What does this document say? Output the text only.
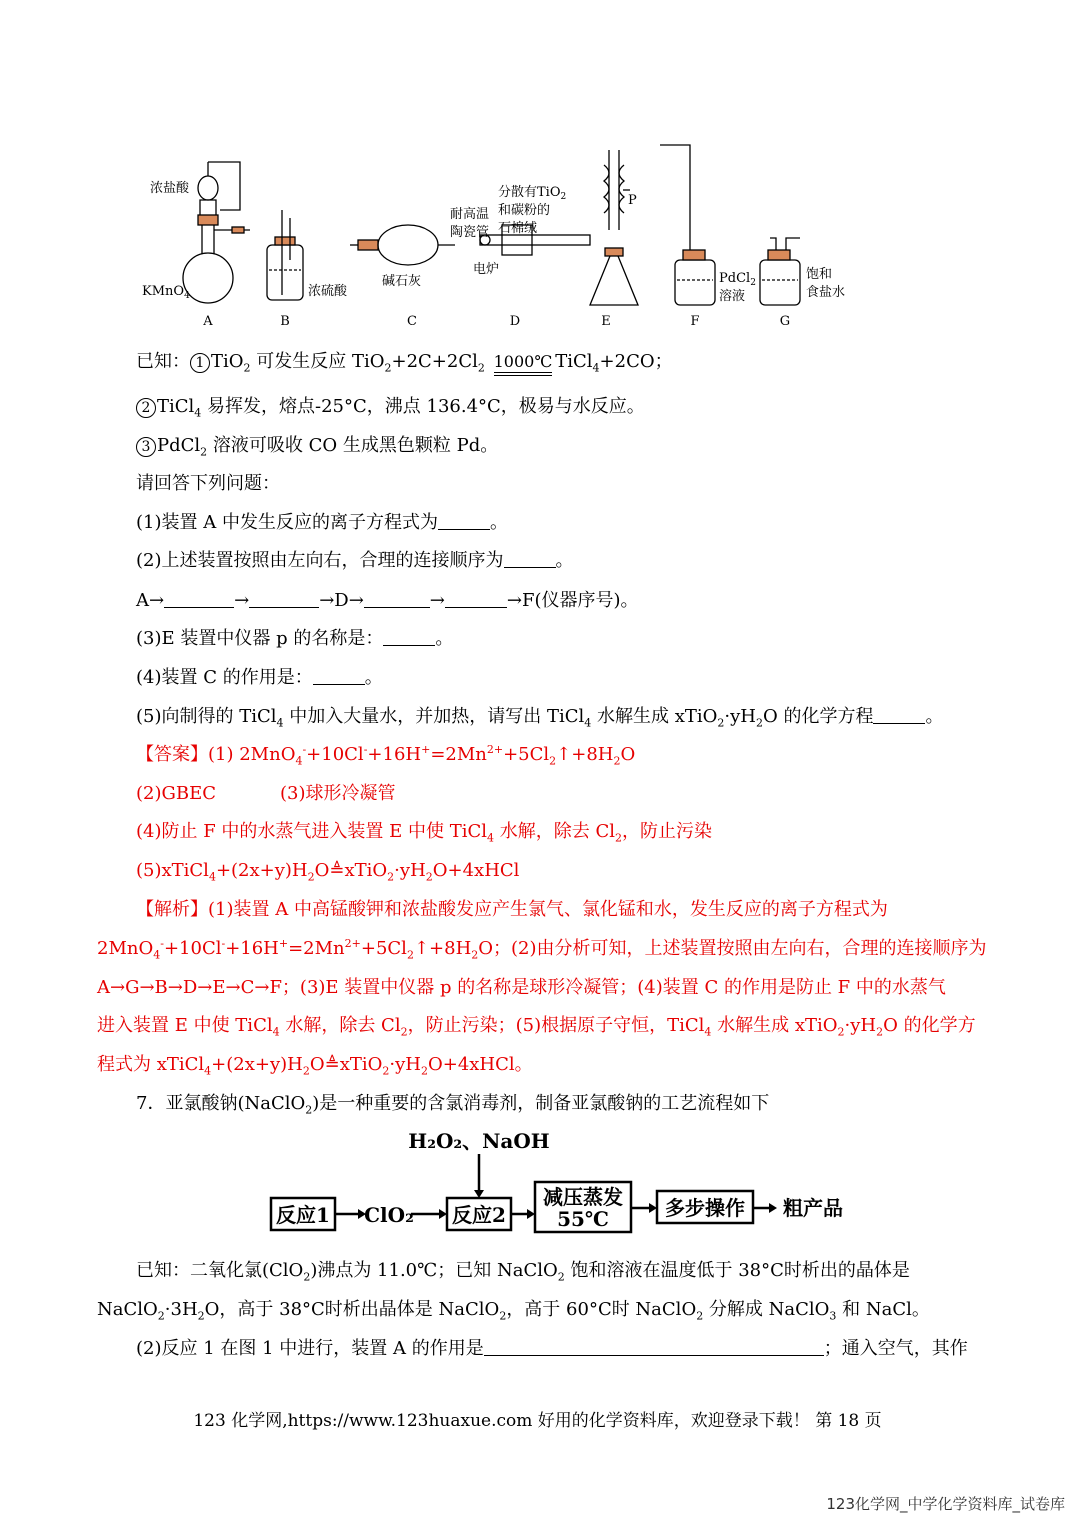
浓盐酸
KMnO$_4$	浓硫酸
碱石灰
耐高温
陶瓷管
分散有TiO$_2$
和碳粉的
石棉绒
电炉
P
PdCl$_2$
溶液
饱和
食盐水
A	B	C	D	E	F	G
已知： 1 TiO$_2$ 可发生反应 $TiO_2+2C+2Cl_2$ 1000℃ TiCl$_4$+2CO；
2 TiCl$_4$ 易挥发，熔点-25°C，沸点 136.4°C，极易与水反应。
3 PdCl$_2$ 溶液可吸收 CO 生成黑色颗粒 Pd。
请回答下列问题：
(1)装置 A 中发生反应的离子方程式为	。
(2)上述装置按照由左向右，合理的连接顺序为	。
A→	→	→D→	→	→F(仪器序号)。
(3)E 装置中仪器 p 的名称是：	。
(4)装置 C 的作用是：	。
(5)向制得的 TiCl$_4$ 中加入大量水，并加热，请写出 TiCl$_4$ 水解生成 $xTiO_2\cdot yH_2O$ 的化学方程	。
【答案】(1) $2MnO_4^-+10Cl^-+16H^+=2Mn^{2+}+5Cl_2↑+8H_2O$
(2)GBEC	(3)球形冷凝管
(4)防止 F 中的水蒸气进入装置 E 中使 TiCl$_4$ 水解，除去 $Cl_2$，防止污染
$(5)xTiCl_4+(2x+y)H_2O≜xTiO_2\cdot yH_2O+4xHCl$
【解析】(1)装置 A 中高锰酸钾和浓盐酸发应产生氯气、氯化锰和水，发生反应的离子方程式为
$2MnO_4^-+10Cl^-+16H^+=2Mn^{2+}+5Cl_2↑+8H_2O$；(2)由分析可知，上述装置按照由左向右，合理的连接顺序为
A→G→B→D→E→C→F；(3)E 装置中仪器 p 的名称是球形冷凝管；(4)装置 C 的作用是防止 F 中的水蒸气
进入装置 E 中使 TiCl$_4$ 水解，除去 $Cl_2$，防止污染；(5)根据原子守恒，TiCl$_4$ 水解生成 $xTiO_2\cdot yH_2O$ 的化学方
程式为 $xTiCl_4+(2x+y)H_2O≜xTiO_2\cdot yH_2O+4xHCl$。
7．亚氯酸钠(NaClO$_2$)是一种重要的含氯消毒剂，制备亚氯酸钠的工艺流程如下
H₂O₂、NaOH
反应1 ClO₂ 反应2
减压蒸发
55℃	多步操作 粗产品
已知：二氧化氯(ClO$_2$)沸点为 11.0℃；已知 NaClO$_2$ 饱和溶液在温度低于 38°C时析出的晶体是
$NaClO_2\cdot 3H_2O$，高于 38°C时析出晶体是 NaClO$_2$，高于 60°C时 NaClO$_2$ 分解成 NaClO$_3$ 和 NaCl。
(2)反应 1 在图 1 中进行，装置 A 的作用是	；通入空气，其作
123 化学网,https://www.123huaxue.com 好用的化学资料库，欢迎登录下载！ 第 18 页
123化学网_中学化学资料库_试卷库
